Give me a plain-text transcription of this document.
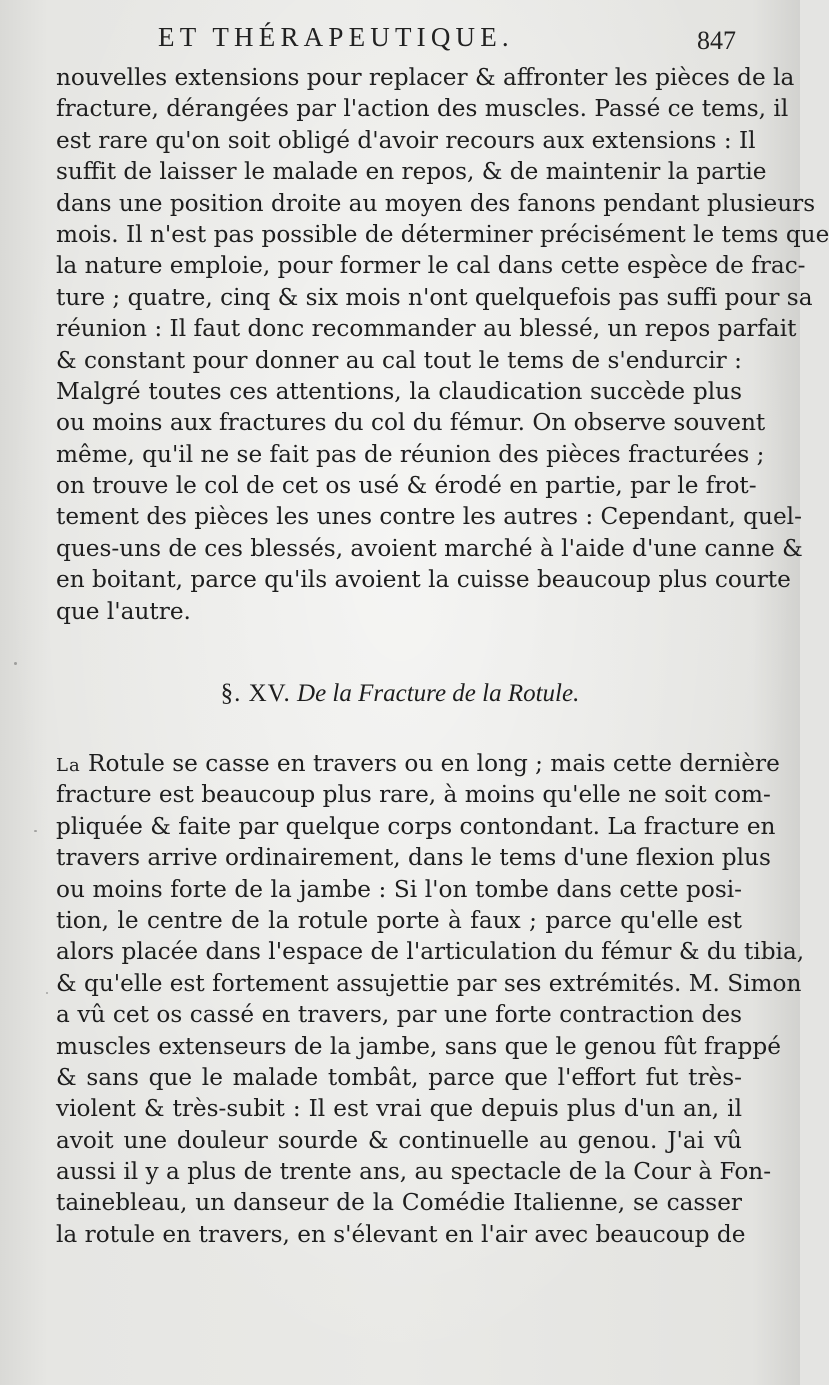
ET THÉRAPEUTIQUE.	847
nouvelles extensions pour replacer & affronter les pièces de la
fracture, dérangées par l'action des muscles. Passé ce tems, il
est rare qu'on soit obligé d'avoir recours aux extensions : Il
suffit de laisser le malade en repos, & de maintenir la partie
dans une position droite au moyen des fanons pendant plusieurs
mois. Il n'est pas possible de déterminer précisément le tems que
la nature emploie, pour former le cal dans cette espèce de frac-
ture ; quatre, cinq & six mois n'ont quelquefois pas suffi pour sa
réunion : Il faut donc recommander au blessé, un repos parfait
& constant pour donner au cal tout le tems de s'endurcir :
Malgré toutes ces attentions, la claudication succède plus
ou moins aux fractures du col du fémur. On observe souvent
même, qu'il ne se fait pas de réunion des pièces fracturées ;
on trouve le col de cet os usé & érodé en partie, par le frot-
tement des pièces les unes contre les autres : Cependant, quel-
ques-uns de ces blessés, avoient marché à l'aide d'une canne &
en boitant, parce qu'ils avoient la cuisse beaucoup plus courte
que l'autre.
§. XV. De la Fracture de la Rotule.
La Rotule se casse en travers ou en long ; mais cette dernière
fracture est beaucoup plus rare, à moins qu'elle ne soit com-
pliquée & faite par quelque corps contondant. La fracture en
travers arrive ordinairement, dans le tems d'une flexion plus
ou moins forte de la jambe : Si l'on tombe dans cette posi-
tion, le centre de la rotule porte à faux ; parce qu'elle est
alors placée dans l'espace de l'articulation du fémur & du tibia,
& qu'elle est fortement assujettie par ses extrémités. M. Simon
a vû cet os cassé en travers, par une forte contraction des
muscles extenseurs de la jambe, sans que le genou fût frappé
& sans que le malade tombât, parce que l'effort fut très-
violent & très-subit : Il est vrai que depuis plus d'un an, il
avoit une douleur sourde & continuelle au genou. J'ai vû
aussi il y a plus de trente ans, au spectacle de la Cour à Fon-
tainebleau, un danseur de la Comédie Italienne, se casser
la rotule en travers, en s'élevant en l'air avec beaucoup de
